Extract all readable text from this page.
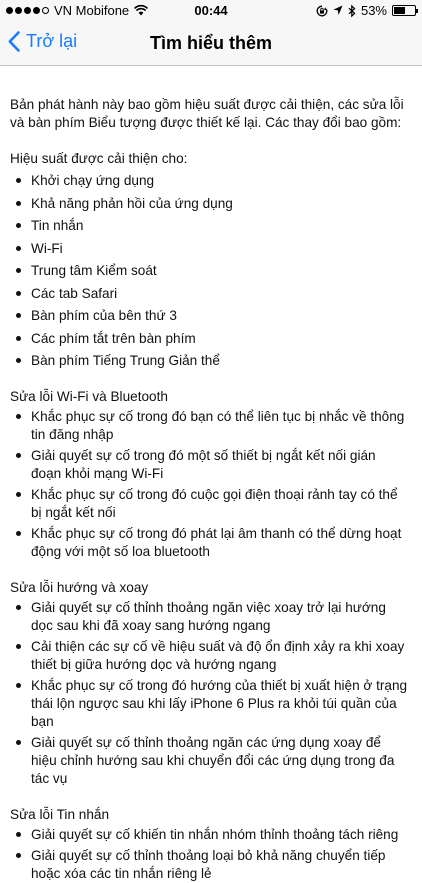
VN Mobifone	00:44	53%
Trở lại	Tìm hiểu thêm

Bản phát hành này bao gồm hiệu suất được cải thiện, các sửa lỗi và bàn phím Biểu tượng được thiết kế lại. Các thay đổi bao gồm:

Hiệu suất được cải thiện cho:
Khởi chạy ứng dụng
Khả năng phản hồi của ứng dụng
Tin nhắn
Wi-Fi
Trung tâm Kiểm soát
Các tab Safari
Bàn phím của bên thứ 3
Các phím tắt trên bàn phím
Bàn phím Tiếng Trung Giản thể
Sửa lỗi Wi-Fi và Bluetooth
Khắc phục sự cố trong đó bạn có thể liên tục bị nhắc về thông tin đăng nhập
Giải quyết sự cố trong đó một số thiết bị ngắt kết nối gián đoạn khỏi mạng Wi-Fi
Khắc phục sự cố trong đó cuộc gọi điện thoại rảnh tay có thể bị ngắt kết nối
Khắc phục sự cố trong đó phát lại âm thanh có thể dừng hoạt động với một số loa bluetooth
Sửa lỗi hướng và xoay
Giải quyết sự cố thỉnh thoảng ngăn việc xoay trở lại hướng dọc sau khi đã xoay sang hướng ngang
Cải thiện các sự cố về hiệu suất và độ ổn định xảy ra khi xoay thiết bị giữa hướng dọc và hướng ngang
Khắc phục sự cố trong đó hướng của thiết bị xuất hiện ở trạng thái lộn ngược sau khi lấy iPhone 6 Plus ra khỏi túi quần của bạn
Giải quyết sự cố thỉnh thoảng ngăn các ứng dụng xoay để hiệu chỉnh hướng sau khi chuyển đổi các ứng dụng trong đa tác vụ
Sửa lỗi Tin nhắn
Giải quyết sự cố khiến tin nhắn nhóm thỉnh thoảng tách riêng
Giải quyết sự cố thỉnh thoảng loại bỏ khả năng chuyển tiếp hoặc xóa các tin nhắn riêng lẻ
